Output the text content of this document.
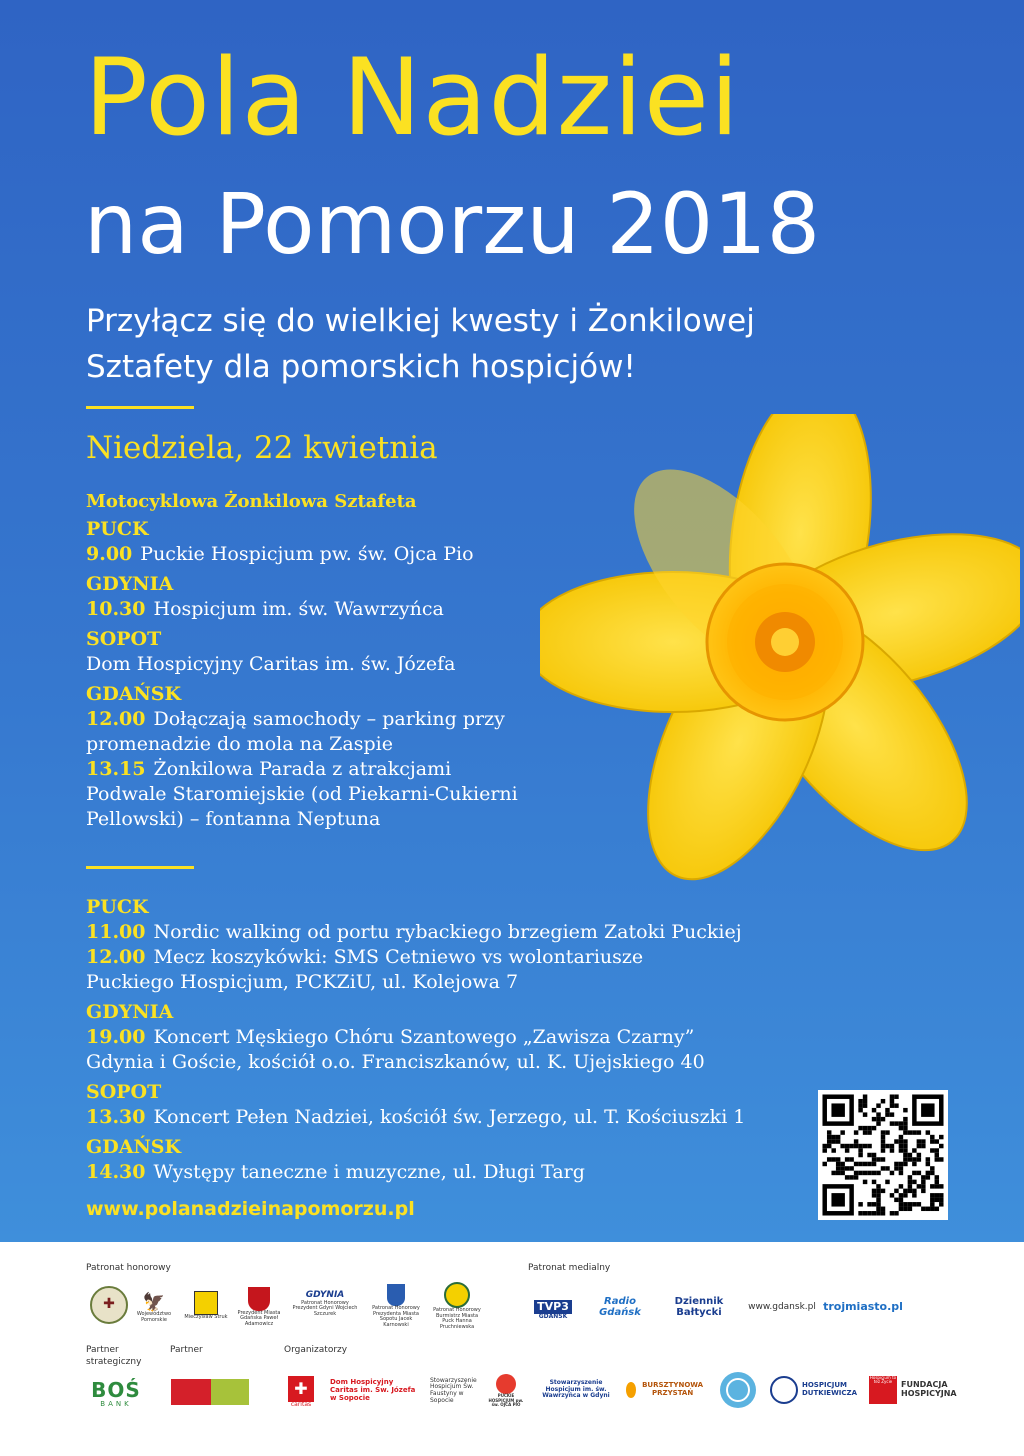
Pola Nadziei
na Pomorzu 2018
Przyłącz się do wielkiej kwesty i Żonkilowej
Sztafety dla pomorskich hospicjów!
Niedziela, 22 kwietnia
Motocyklowa Żonkilowa Sztafeta
PUCK
9.00 Puckie Hospicjum pw. św. Ojca Pio
GDYNIA
10.30 Hospicjum im. św. Wawrzyńca
SOPOT
Dom Hospicyjny Caritas im. św. Józefa
GDAŃSK
12.00 Dołączają samochody – parking przy
promenadzie do mola na Zaspie
13.15 Żonkilowa Parada z atrakcjami
Podwale Staromiejskie (od Piekarni-Cukierni
Pellowski) – fontanna Neptuna
PUCK
11.00 Nordic walking od portu rybackiego brzegiem Zatoki Puckiej
12.00 Mecz koszykówki: SMS Cetniewo vs wolontariusze
Puckiego Hospicjum, PCKZiU, ul. Kolejowa 7
GDYNIA
19.00 Koncert Męskiego Chóru Szantowego „Zawisza Czarny”
Gdynia i Goście, kościół o.o. Franciszkanów, ul. K. Ujejskiego 40
SOPOT
13.30 Koncert Pełen Nadziei, kościół św. Jerzego, ul. T. Kościuszki 1
GDAŃSK
14.30 Występy taneczne i muzyczne, ul. Długi Targ
www.polanadzieinapomorzu.pl
Patronat honorowy	Patronat medialny
✚ 🦅
Województwo Pomorskie	Mieczysław Struk
Prezydent Miasta Gdańska Paweł Adamowicz
GDYNIA
Patronat Honorowy Prezydent Gdyni Wojciech Szczurek
Patronat Honorowy Prezydenta Miasta Sopotu Jacek Karnowski
Patronat Honorowy Burmistrz Miasta Puck Hanna Pruchniewska
TVP3
GDAŃSK
Radio Gdańsk
Dziennik
Bałtycki	www.gdansk.pl trojmiasto.pl
Partner
strategiczny
Partner	Organizatorzy
BOŚ
BANK
✚
caritas
Dom Hospicyjny Caritas im. Św. Józefa w Sopocie
Stowarzyszenie Hospicjum Św. Faustyny w Sopocie
PUCKIE HOSPICJUM pw. św. OJCA PIO
Stowarzyszenie Hospicjum im. św. Wawrzyńca w Gdyni
BURSZTYNOWA PRZYSTAŃ
HOSPICJUM DUTKIEWICZA
Hospicjum to też Życie	FUNDACJA HOSPICYJNA
